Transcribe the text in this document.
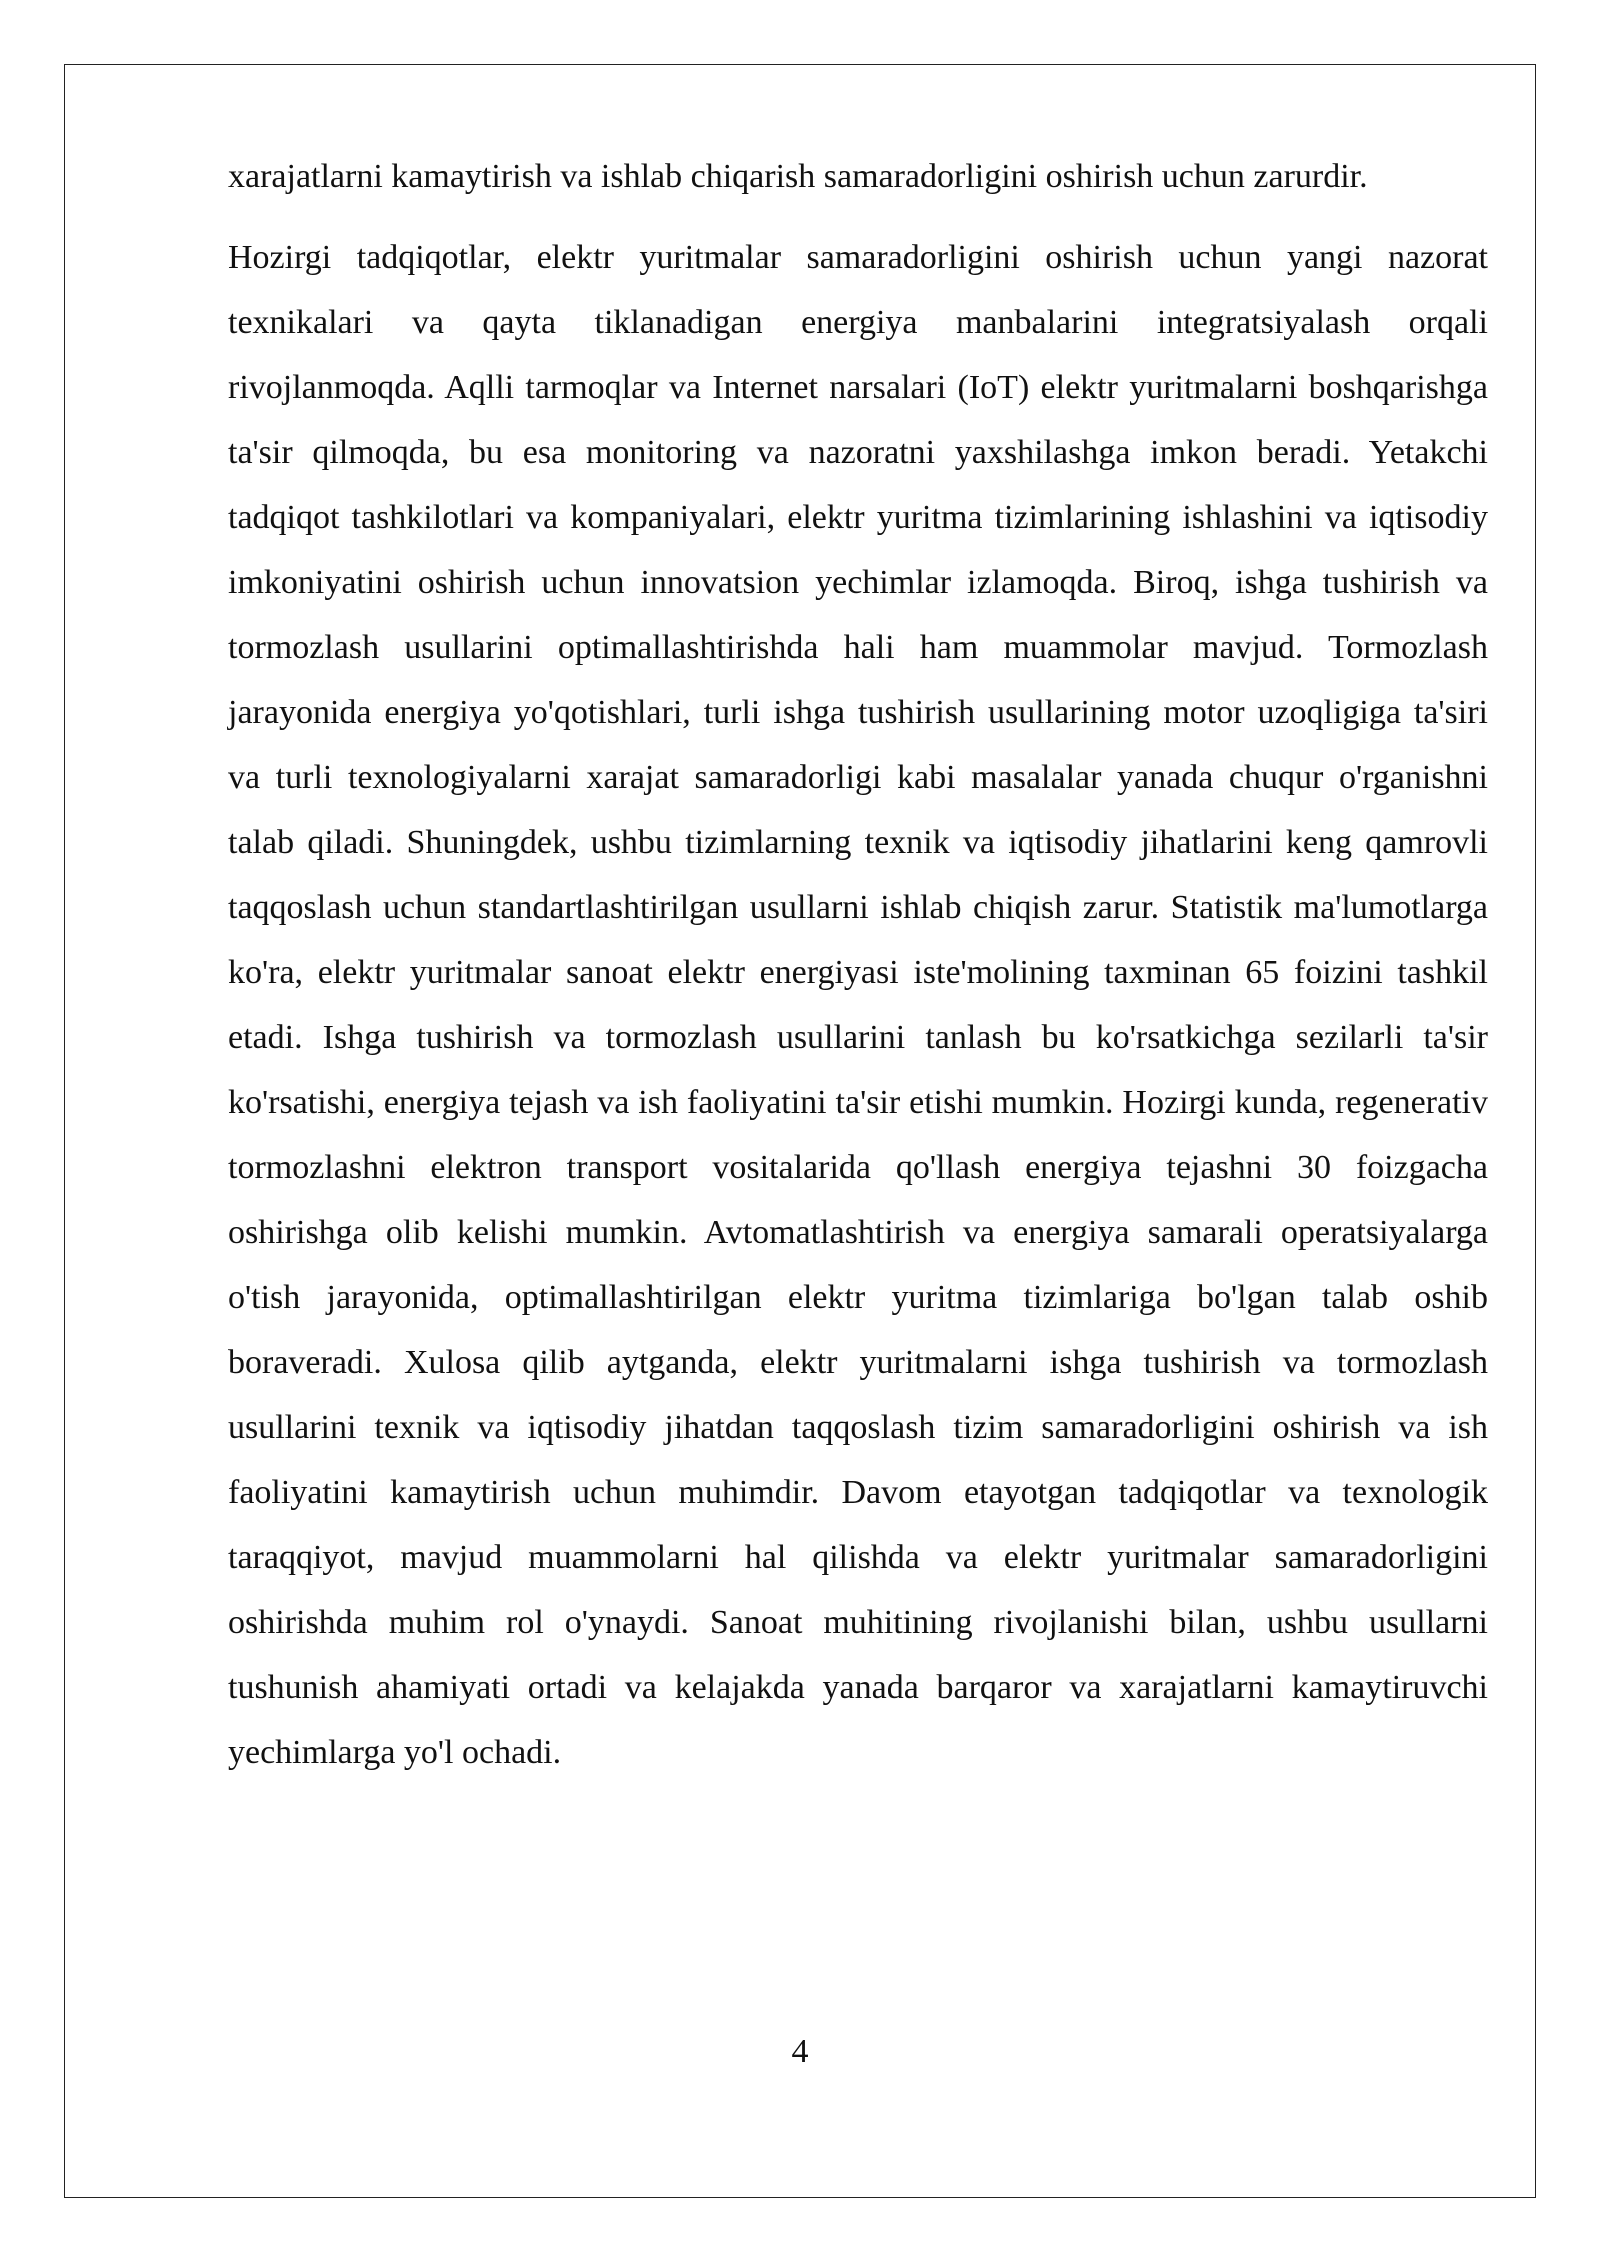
xarajatlarni kamaytirish va ishlab chiqarish samaradorligini oshirish uchun zarurdir.

Hozirgi tadqiqotlar, elektr yuritmalar samaradorligini oshirish uchun yangi nazorat texnikalari va qayta tiklanadigan energiya manbalarini integratsiyalash orqali rivojlanmoqda. Aqlli tarmoqlar va Internet narsalari (IoT) elektr yuritmalarni boshqarishga ta'sir qilmoqda, bu esa monitoring va nazoratni yaxshilashga imkon beradi. Yetakchi tadqiqot tashkilotlari va kompaniyalari, elektr yuritma tizimlarining ishlashini va iqtisodiy imkoniyatini oshirish uchun innovatsion yechimlar izlamoqda. Biroq, ishga tushirish va tormozlash usullarini optimallashtirishda hali ham muammolar mavjud. Tormozlash jarayonida energiya yo'qotishlari, turli ishga tushirish usullarining motor uzoqligiga ta'siri va turli texnologiyalarni xarajat samaradorligi kabi masalalar yanada chuqur o'rganishni talab qiladi. Shuningdek, ushbu tizimlarning texnik va iqtisodiy jihatlarini keng qamrovli taqqoslash uchun standartlashtirilgan usullarni ishlab chiqish zarur. Statistik ma'lumotlarga ko'ra, elektr yuritmalar sanoat elektr energiyasi iste'molining taxminan 65 foizini tashkil etadi. Ishga tushirish va tormozlash usullarini tanlash bu ko'rsatkichga sezilarli ta'sir ko'rsatishi, energiya tejash va ish faoliyatini ta'sir etishi mumkin. Hozirgi kunda, regenerativ tormozlashni elektron transport vositalarida qo'llash energiya tejashni 30 foizgacha oshirishga olib kelishi mumkin. Avtomatlashtirish va energiya samarali operatsiyalarga o'tish jarayonida, optimallashtirilgan elektr yuritma tizimlariga bo'lgan talab oshib boraveradi. Xulosa qilib aytganda, elektr yuritmalarni ishga tushirish va tormozlash usullarini texnik va iqtisodiy jihatdan taqqoslash tizim samaradorligini oshirish va ish faoliyatini kamaytirish uchun muhimdir. Davom etayotgan tadqiqotlar va texnologik taraqqiyot, mavjud muammolarni hal qilishda va elektr yuritmalar samaradorligini oshirishda muhim rol o'ynaydi. Sanoat muhitining rivojlanishi bilan, ushbu usullarni tushunish ahamiyati ortadi va kelajakda yanada barqaror va xarajatlarni kamaytiruvchi yechimlarga yo'l ochadi.

4
